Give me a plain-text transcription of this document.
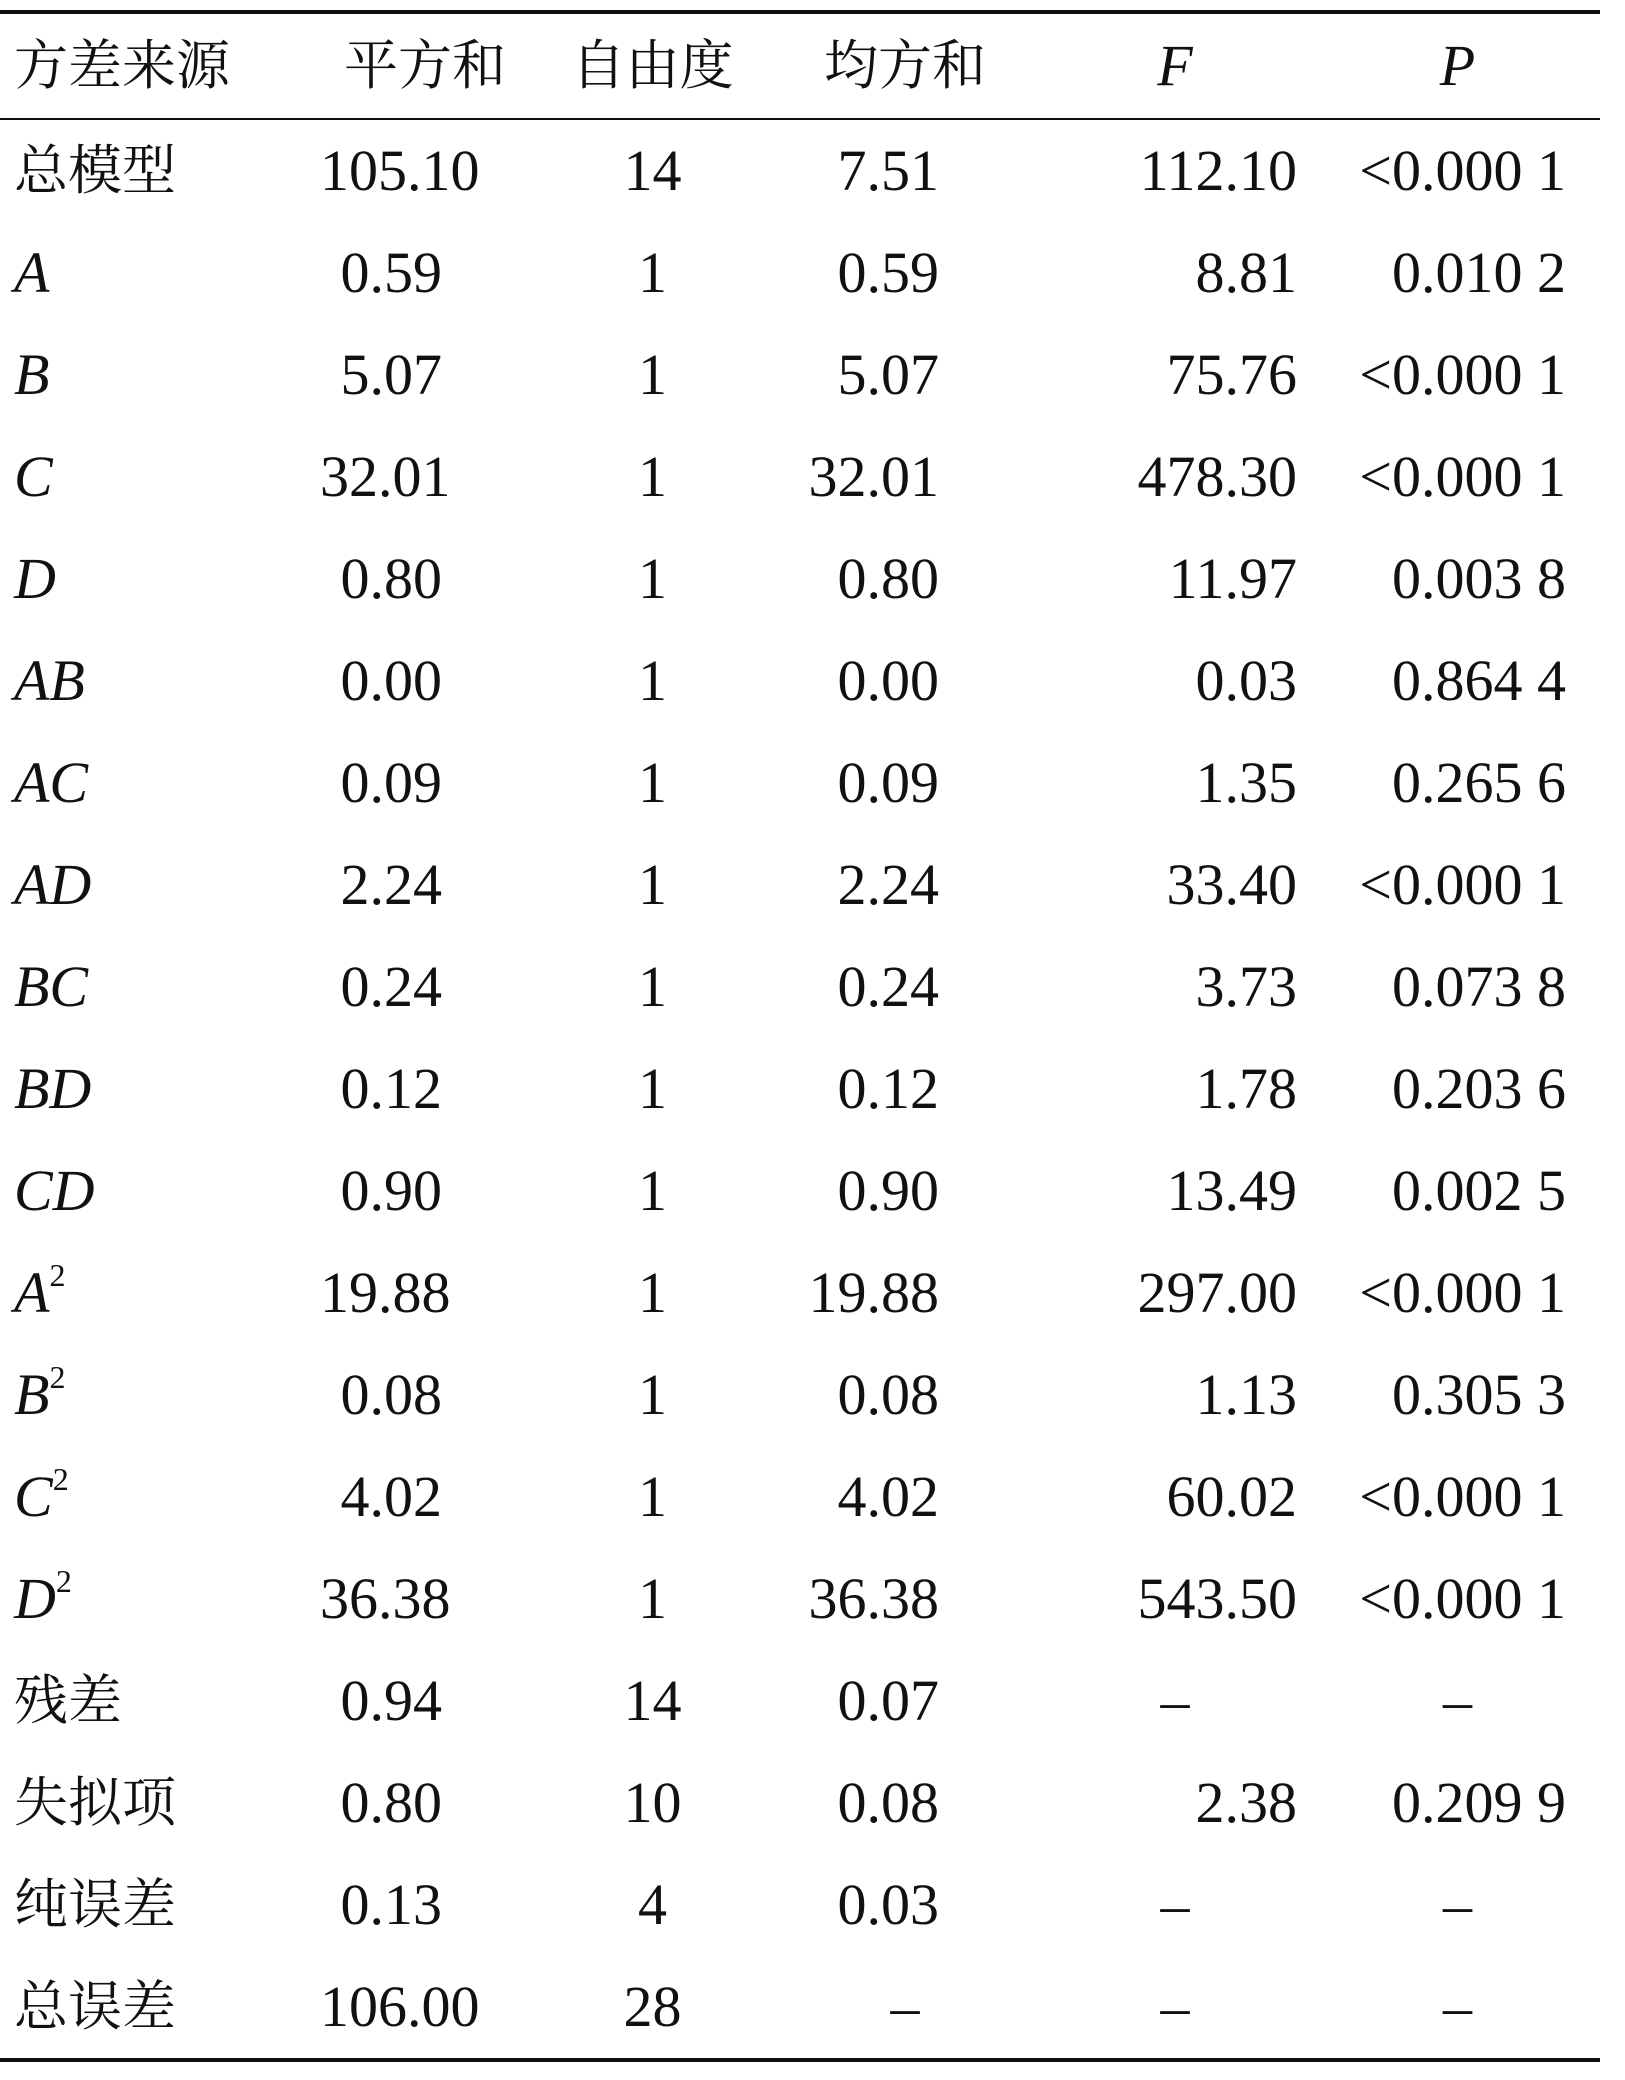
方差来源	平方和	自由度	均方和	F	P
总模型	105.10	14	7.51	112.10	<0.000 1
A	0.59	1	0.59	8.81	0.010 2
B	5.07	1	5.07	75.76	<0.000 1
C	32.01	1	32.01	478.30	<0.000 1
D	0.80	1	0.80	11.97	0.003 8
AB	0.00	1	0.00	0.03	0.864 4
AC	0.09	1	0.09	1.35	0.265 6
AD	2.24	1	2.24	33.40	<0.000 1
BC	0.24	1	0.24	3.73	0.073 8
BD	0.12	1	0.12	1.78	0.203 6
CD	0.90	1	0.90	13.49	0.002 5
$A^2$	19.88	1	19.88	297.00	<0.000 1
$B^2$	0.08	1	0.08	1.13	0.305 3
$C^2$	4.02	1	4.02	60.02	<0.000 1
$D^2$	36.38	1	36.38	543.50	<0.000 1
残差	0.94	14	0.07	–	–
失拟项	0.80	10	0.08	2.38	0.209 9
纯误差	0.13	4	0.03	–	–
总误差	106.00	28	–	–	–
